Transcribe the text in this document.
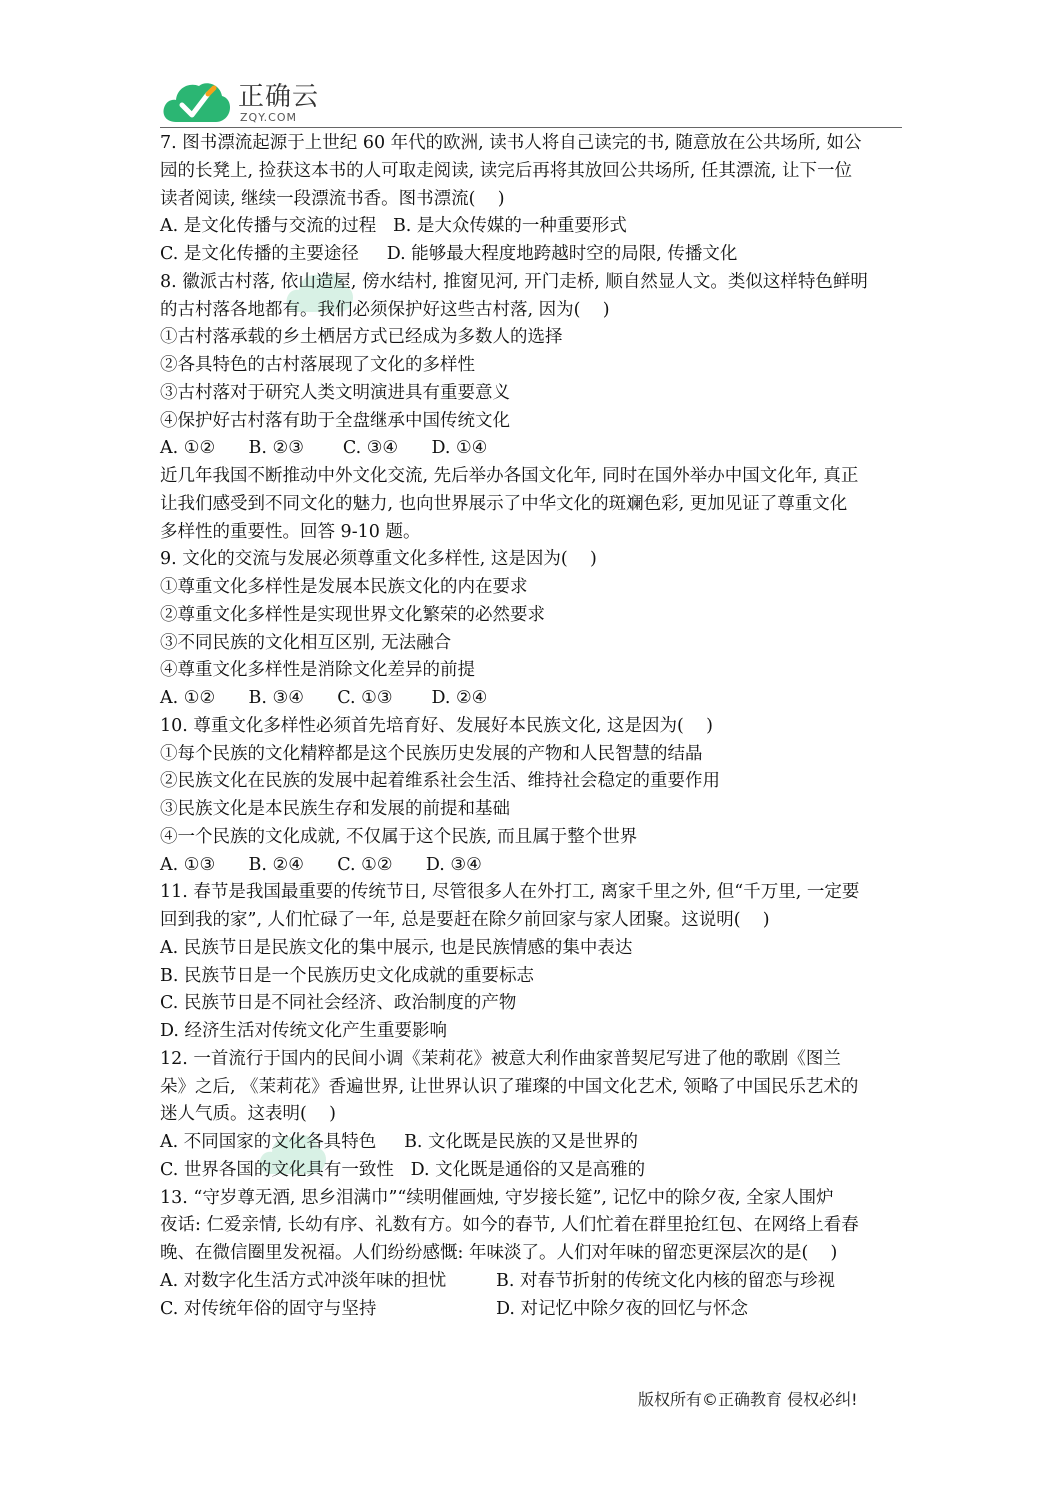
正确云
ZQY.COM
7. 图书漂流起源于上世纪 60 年代的欧洲, 读书人将自己读完的书, 随意放在公共场所, 如公
园的长凳上, 捡获这本书的人可取走阅读, 读完后再将其放回公共场所, 任其漂流, 让下一位
读者阅读, 继续一段漂流书香。图书漂流(    )
A. 是文化传播与交流的过程   B. 是大众传媒的一种重要形式
C. 是文化传播的主要途径     D. 能够最大程度地跨越时空的局限, 传播文化
8. 徽派古村落, 依山造屋, 傍水结村, 推窗见河, 开门走桥, 顺自然显人文。类似这样特色鲜明
的古村落各地都有。我们必须保护好这些古村落, 因为(    )
①古村落承载的乡土栖居方式已经成为多数人的选择
②各具特色的古村落展现了文化的多样性
③古村落对于研究人类文明演进具有重要意义
④保护好古村落有助于全盘继承中国传统文化
A. ①②      B. ②③       C. ③④      D. ①④
近几年我国不断推动中外文化交流, 先后举办各国文化年, 同时在国外举办中国文化年, 真正
让我们感受到不同文化的魅力, 也向世界展示了中华文化的斑斓色彩, 更加见证了尊重文化
多样性的重要性。回答 9-10 题。
9. 文化的交流与发展必须尊重文化多样性, 这是因为(    )
①尊重文化多样性是发展本民族文化的内在要求
②尊重文化多样性是实现世界文化繁荣的必然要求
③不同民族的文化相互区别, 无法融合
④尊重文化多样性是消除文化差异的前提
A. ①②      B. ③④      C. ①③       D. ②④
10. 尊重文化多样性必须首先培育好、发展好本民族文化, 这是因为(    )
①每个民族的文化精粹都是这个民族历史发展的产物和人民智慧的结晶
②民族文化在民族的发展中起着维系社会生活、维持社会稳定的重要作用
③民族文化是本民族生存和发展的前提和基础
④一个民族的文化成就, 不仅属于这个民族, 而且属于整个世界
A. ①③      B. ②④      C. ①②      D. ③④
11. 春节是我国最重要的传统节日, 尽管很多人在外打工, 离家千里之外, 但“千万里, 一定要
回到我的家”, 人们忙碌了一年, 总是要赶在除夕前回家与家人团聚。这说明(    )
A. 民族节日是民族文化的集中展示, 也是民族情感的集中表达
B. 民族节日是一个民族历史文化成就的重要标志
C. 民族节日是不同社会经济、政治制度的产物
D. 经济生活对传统文化产生重要影响
12. 一首流行于国内的民间小调《茉莉花》被意大利作曲家普契尼写进了他的歌剧《图兰
朵》之后, 《茉莉花》香遍世界, 让世界认识了璀璨的中国文化艺术, 领略了中国民乐艺术的
迷人气质。这表明(    )
A. 不同国家的文化各具特色     B. 文化既是民族的又是世界的
C. 世界各国的文化具有一致性   D. 文化既是通俗的又是高雅的
13. “守岁尊无酒, 思乡泪满巾”“续明催画烛, 守岁接长筵”, 记忆中的除夕夜, 全家人围炉
夜话: 仁爱亲情, 长幼有序、礼数有方。如今的春节, 人们忙着在群里抢红包、在网络上看春
晚、在微信圈里发祝福。人们纷纷感慨: 年味淡了。人们对年味的留恋更深层次的是(    )
A. 对数字化生活方式冲淡年味的担忧	B. 对春节折射的传统文化内核的留恋与珍视
C. 对传统年俗的固守与坚持	D. 对记忆中除夕夜的回忆与怀念
版权所有©正确教育 侵权必纠!
